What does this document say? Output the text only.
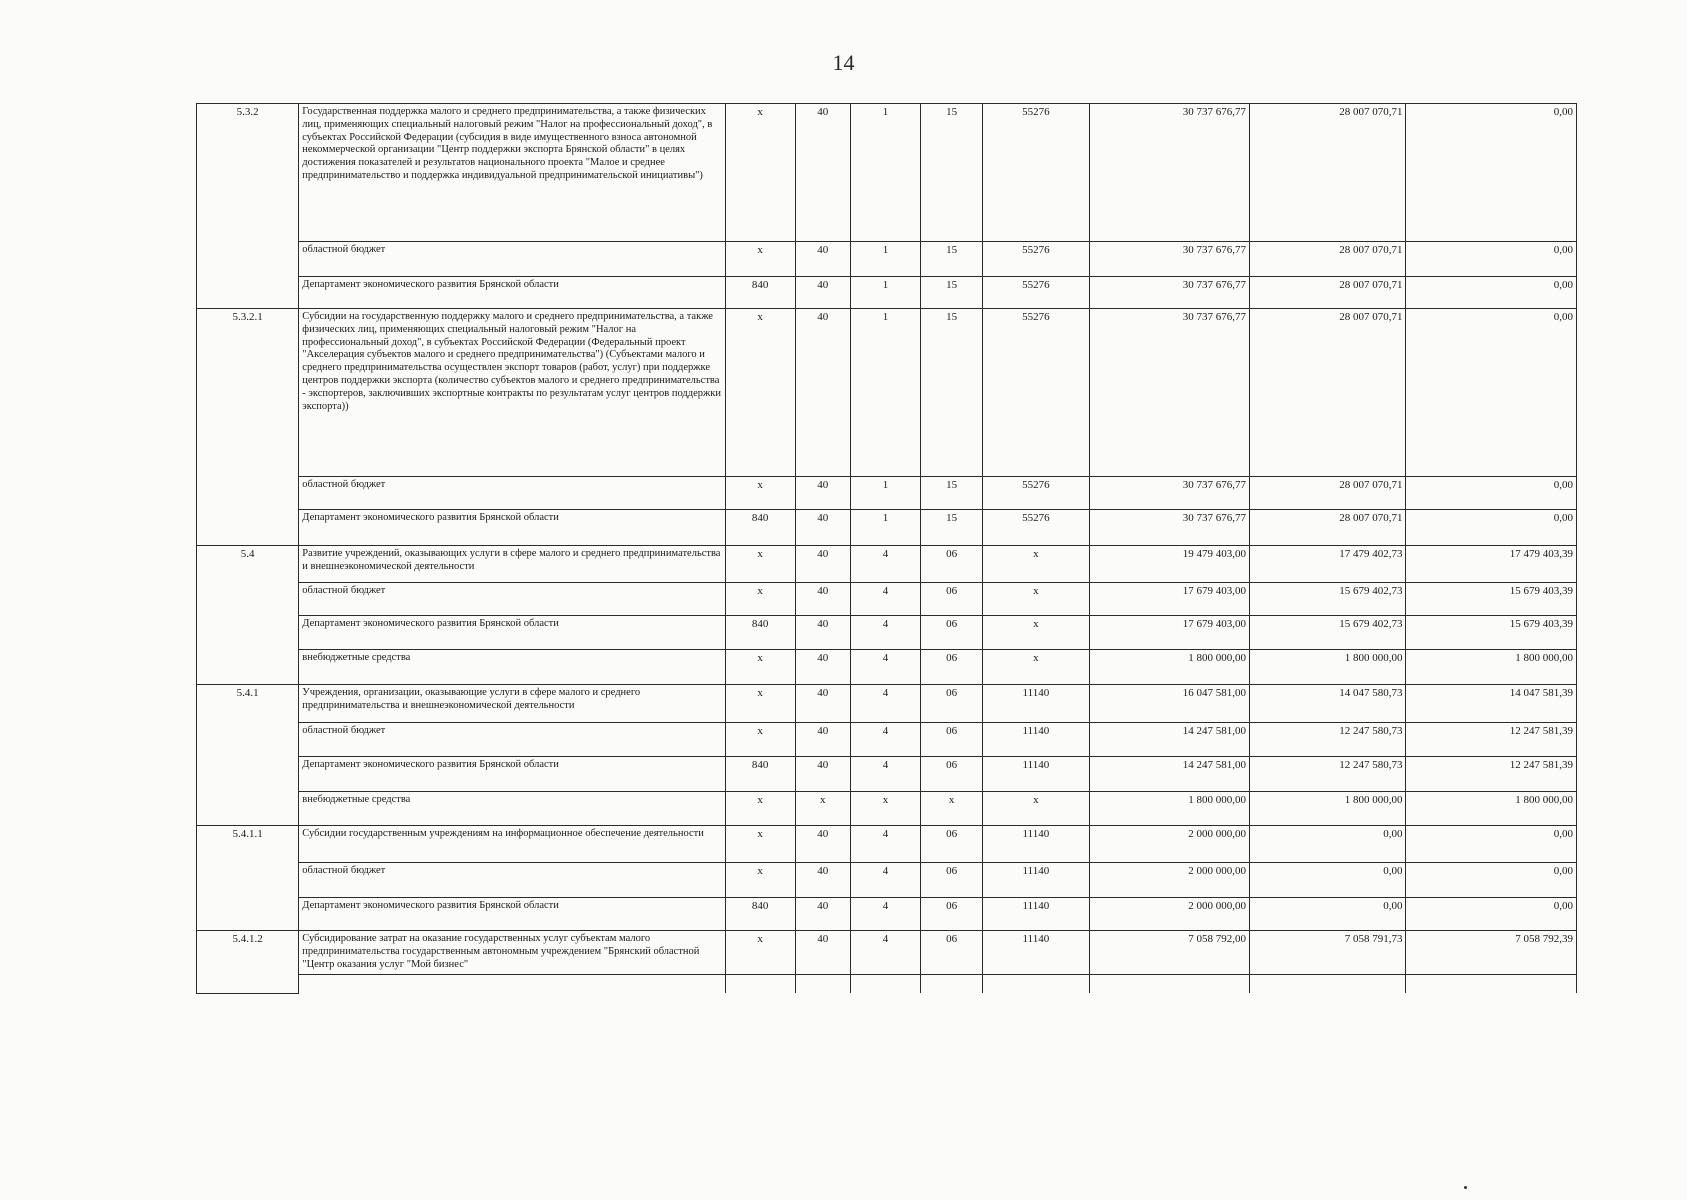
14
5.3.2	Государственная поддержка малого и среднего предпринимательства, а также физических лиц, применяющих специальный налоговый режим "Налог на профессиональный доход", в субъектах Российской Федерации (субсидия в виде имущественного взноса автономной некоммерческой организации "Центр поддержки экспорта Брянской области" в целях достижения показателей и результатов национального проекта "Малое и среднее предпринимательство и поддержка индивидуальной предпринимательской инициативы")	x	40	1	15	55276	30 737 676,77	28 007 070,71	0,00
	областной бюджет	x	40	1	15	55276	30 737 676,77	28 007 070,71	0,00
	Департамент экономического развития Брянской области	840	40	1	15	55276	30 737 676,77	28 007 070,71	0,00
5.3.2.1	Субсидии на государственную поддержку малого и среднего предпринимательства, а также физических лиц, применяющих специальный налоговый режим "Налог на профессиональный доход", в субъектах Российской Федерации (Федеральный проект "Акселерация субъектов малого и среднего предпринимательства") (Субъектами малого и среднего предпринимательства осуществлен экспорт товаров (работ, услуг) при поддержке центров поддержки экспорта (количество субъектов малого и среднего предпринимательства - экспортеров, заключивших экспортные контракты по результатам услуг центров поддержки экспорта))	x	40	1	15	55276	30 737 676,77	28 007 070,71	0,00
	областной бюджет	x	40	1	15	55276	30 737 676,77	28 007 070,71	0,00
	Департамент экономического развития Брянской области	840	40	1	15	55276	30 737 676,77	28 007 070,71	0,00
5.4	Развитие учреждений, оказывающих услуги в сфере малого и среднего предпринимательства и внешнеэкономической деятельности	x	40	4	06	x	19 479 403,00	17 479 402,73	17 479 403,39
	областной бюджет	x	40	4	06	x	17 679 403,00	15 679 402,73	15 679 403,39
	Департамент экономического развития Брянской области	840	40	4	06	x	17 679 403,00	15 679 402,73	15 679 403,39
	внебюджетные средства	x	40	4	06	x	1 800 000,00	1 800 000,00	1 800 000,00
5.4.1	Учреждения, организации, оказывающие услуги в сфере малого и среднего предпринимательства и внешнеэкономической деятельности	x	40	4	06	11140	16 047 581,00	14 047 580,73	14 047 581,39
	областной бюджет	x	40	4	06	11140	14 247 581,00	12 247 580,73	12 247 581,39
	Департамент экономического развития Брянской области	840	40	4	06	11140	14 247 581,00	12 247 580,73	12 247 581,39
	внебюджетные средства	x	x	x	x	x	1 800 000,00	1 800 000,00	1 800 000,00
5.4.1.1	Субсидии государственным учреждениям на информационное обеспечение деятельности	x	40	4	06	11140	2 000 000,00	0,00	0,00
	областной бюджет	x	40	4	06	11140	2 000 000,00	0,00	0,00
	Департамент экономического развития Брянской области	840	40	4	06	11140	2 000 000,00	0,00	0,00
5.4.1.2	Субсидирование затрат на оказание государственных услуг субъектам малого предпринимательства государственным автономным учреждением "Брянский областной "Центр оказания услуг "Мой бизнес"	x	40	4	06	11140	7 058 792,00	7 058 791,73	7 058 792,39
